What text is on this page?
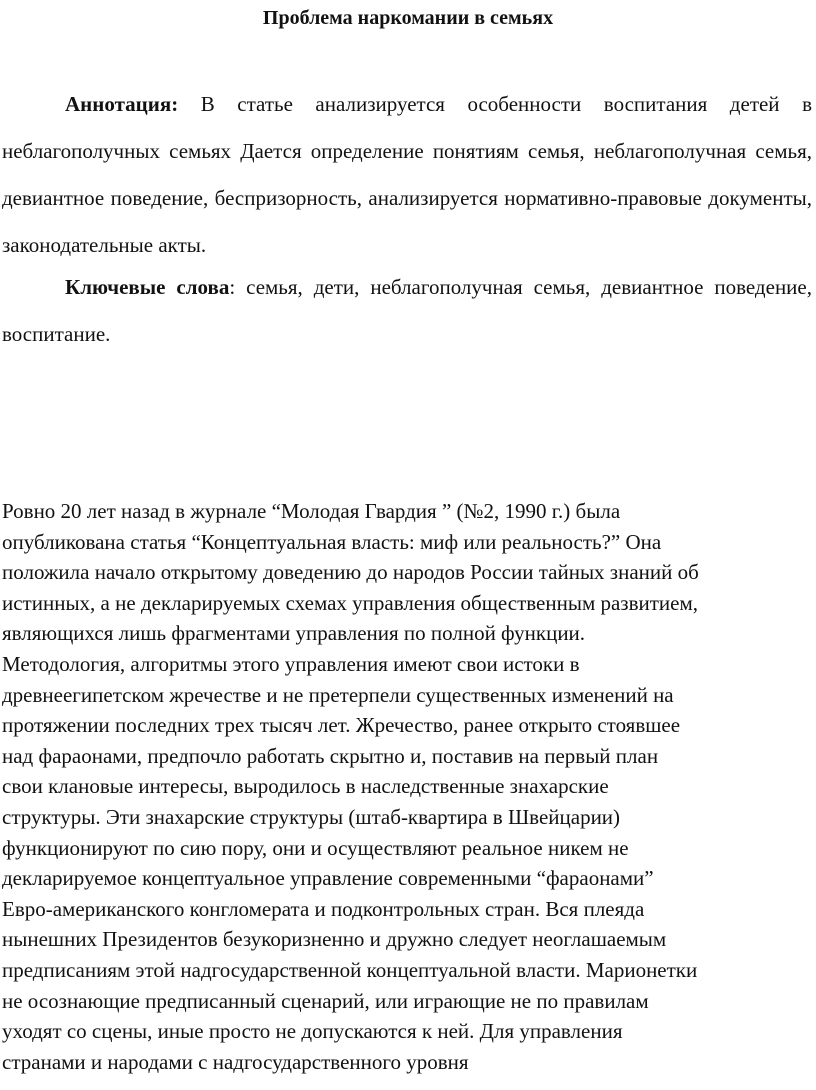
Проблема наркомании в семьях

Аннотация: В статье анализируется особенности воспитания детей в неблагополучных семьях Дается определение понятиям семья, неблагополучная семья, девиантное поведение, беспризорность, анализируется нормативно-правовые документы, законодательные акты.

Ключевые слова: семья, дети, неблагополучная семья, девиантное поведение, воспитание.

Ровно 20 лет назад в журнале “Молодая Гвардия ” (№2, 1990 г.) была
опубликована статья “Концептуальная власть: миф или реальность?” Она
положила начало открытому доведению до народов России тайных знаний об
истинных, а не декларируемых схемах управления общественным развитием,
являющихся лишь фрагментами управления по полной функции.
Методология, алгоритмы этого управления имеют свои истоки в
древнеегипетском жречестве и не претерпели существенных изменений на
протяжении последних трех тысяч лет. Жречество, ранее открыто стоявшее
над фараонами, предпочло работать скрытно и, поставив на первый план
свои клановые интересы, выродилось в наследственные знахарские
структуры. Эти знахарские структуры (штаб-квартира в Швейцарии)
функционируют по сию пору, они и осуществляют реальное никем не
декларируемое концептуальное управление современными “фараонами”
Евро-американского конгломерата и подконтрольных стран. Вся плеяда
нынешних Президентов безукоризненно и дружно следует неоглашаемым
предписаниям этой надгосударственной концептуальной власти. Марионетки
не осознающие предписанный сценарий, или играющие не по правилам
уходят со сцены, иные просто не допускаются к ней. Для управления
странами и народами с надгосударственного уровня
